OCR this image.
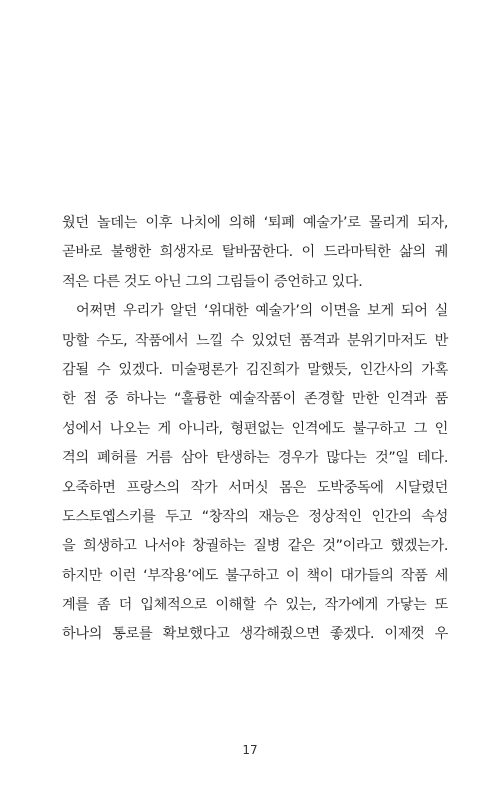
웠던 놀데는 이후 나치에 의해 ‘퇴폐 예술가’로 몰리게 되자,
곧바로 불행한 희생자로 탈바꿈한다. 이 드라마틱한 삶의 궤
적은 다른 것도 아닌 그의 그림들이 증언하고 있다.
어쩌면 우리가 알던 ‘위대한 예술가’의 이면을 보게 되어 실
망할 수도, 작품에서 느낄 수 있었던 품격과 분위기마저도 반
감될 수 있겠다. 미술평론가 김진희가 말했듯, 인간사의 가혹
한 점 중 하나는 “훌륭한 예술작품이 존경할 만한 인격과 품
성에서 나오는 게 아니라, 형편없는 인격에도 불구하고 그 인
격의 폐허를 거름 삼아 탄생하는 경우가 많다는 것”일 테다.
오죽하면 프랑스의 작가 서머싯 몸은 도박중독에 시달렸던
도스토옙스키를 두고 “창작의 재능은 정상적인 인간의 속성
을 희생하고 나서야 창궐하는 질병 같은 것”이라고 했겠는가.
하지만 이런 ‘부작용’에도 불구하고 이 책이 대가들의 작품 세
계를 좀 더 입체적으로 이해할 수 있는, 작가에게 가닿는 또
하나의 통로를 확보했다고 생각해줬으면 좋겠다. 이제껏 우
17
